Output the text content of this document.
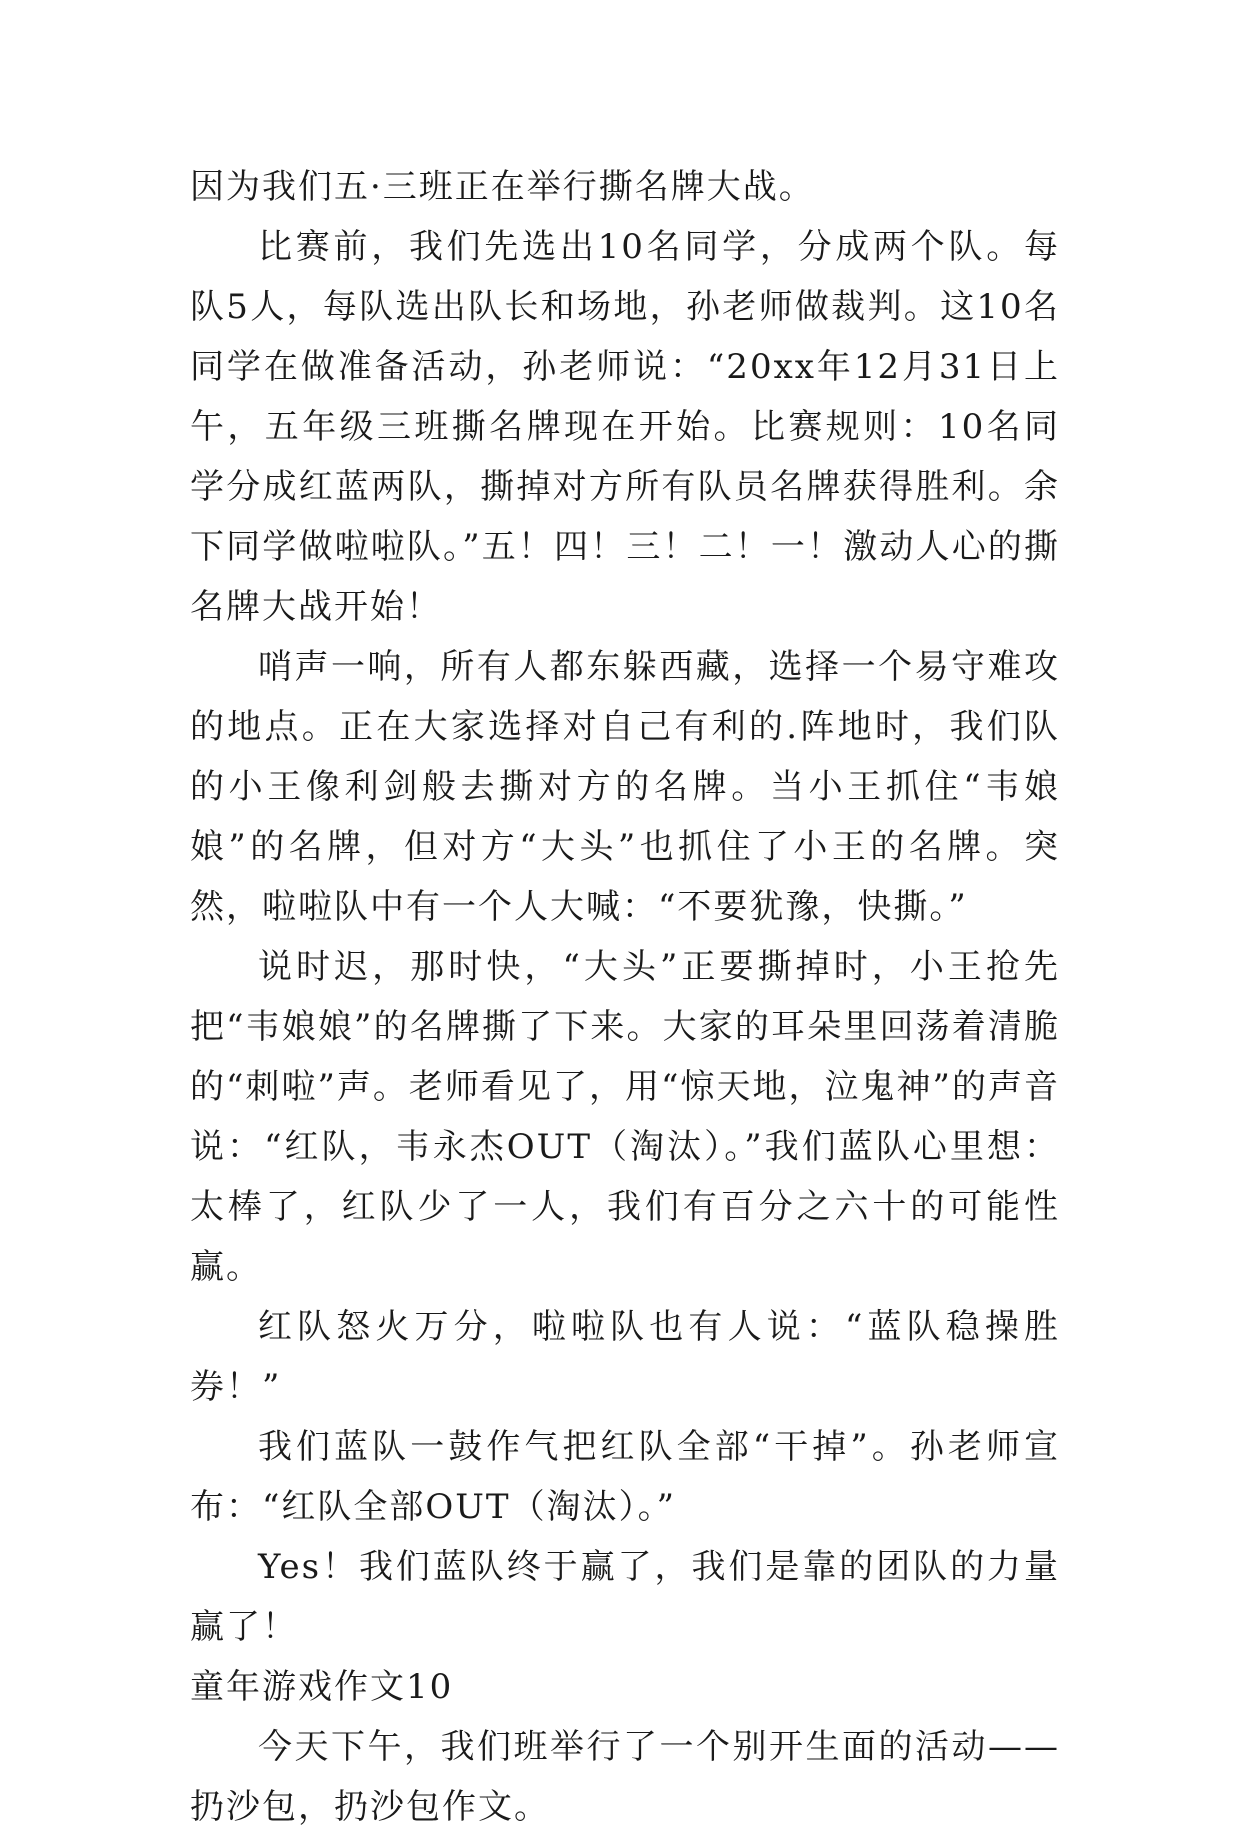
因为我们五·三班正在举行撕名牌大战。

比赛前，我们先选出10名同学，分成两个队。每队5人，每队选出队长和场地，孙老师做裁判。这10名同学在做准备活动，孙老师说：“20xx年12月31日上午，五年级三班撕名牌现在开始。比赛规则：10名同学分成红蓝两队，撕掉对方所有队员名牌获得胜利。余下同学做啦啦队。”五！四！三！二！一！激动人心的撕名牌大战开始！

哨声一响，所有人都东躲西藏，选择一个易守难攻的地点。正在大家选择对自己有利的.阵地时，我们队的小王像利剑般去撕对方的名牌。当小王抓住“韦娘娘”的名牌，但对方“大头”也抓住了小王的名牌。突然，啦啦队中有一个人大喊：“不要犹豫，快撕。”

说时迟，那时快，“大头”正要撕掉时，小王抢先把“韦娘娘”的名牌撕了下来。大家的耳朵里回荡着清脆的“刺啦”声。老师看见了，用“惊天地，泣鬼神”的声音说：“红队，韦永杰OUT（淘汰）。”我们蓝队心里想：太棒了，红队少了一人，我们有百分之六十的可能性赢。

红队怒火万分，啦啦队也有人说：“蓝队稳操胜券！”

我们蓝队一鼓作气把红队全部“干掉”。孙老师宣布：“红队全部OUT（淘汰）。”

Yes！我们蓝队终于赢了，我们是靠的团队的力量赢了！

童年游戏作文10

今天下午，我们班举行了一个别开生面的活动——扔沙包，扔沙包作文。
